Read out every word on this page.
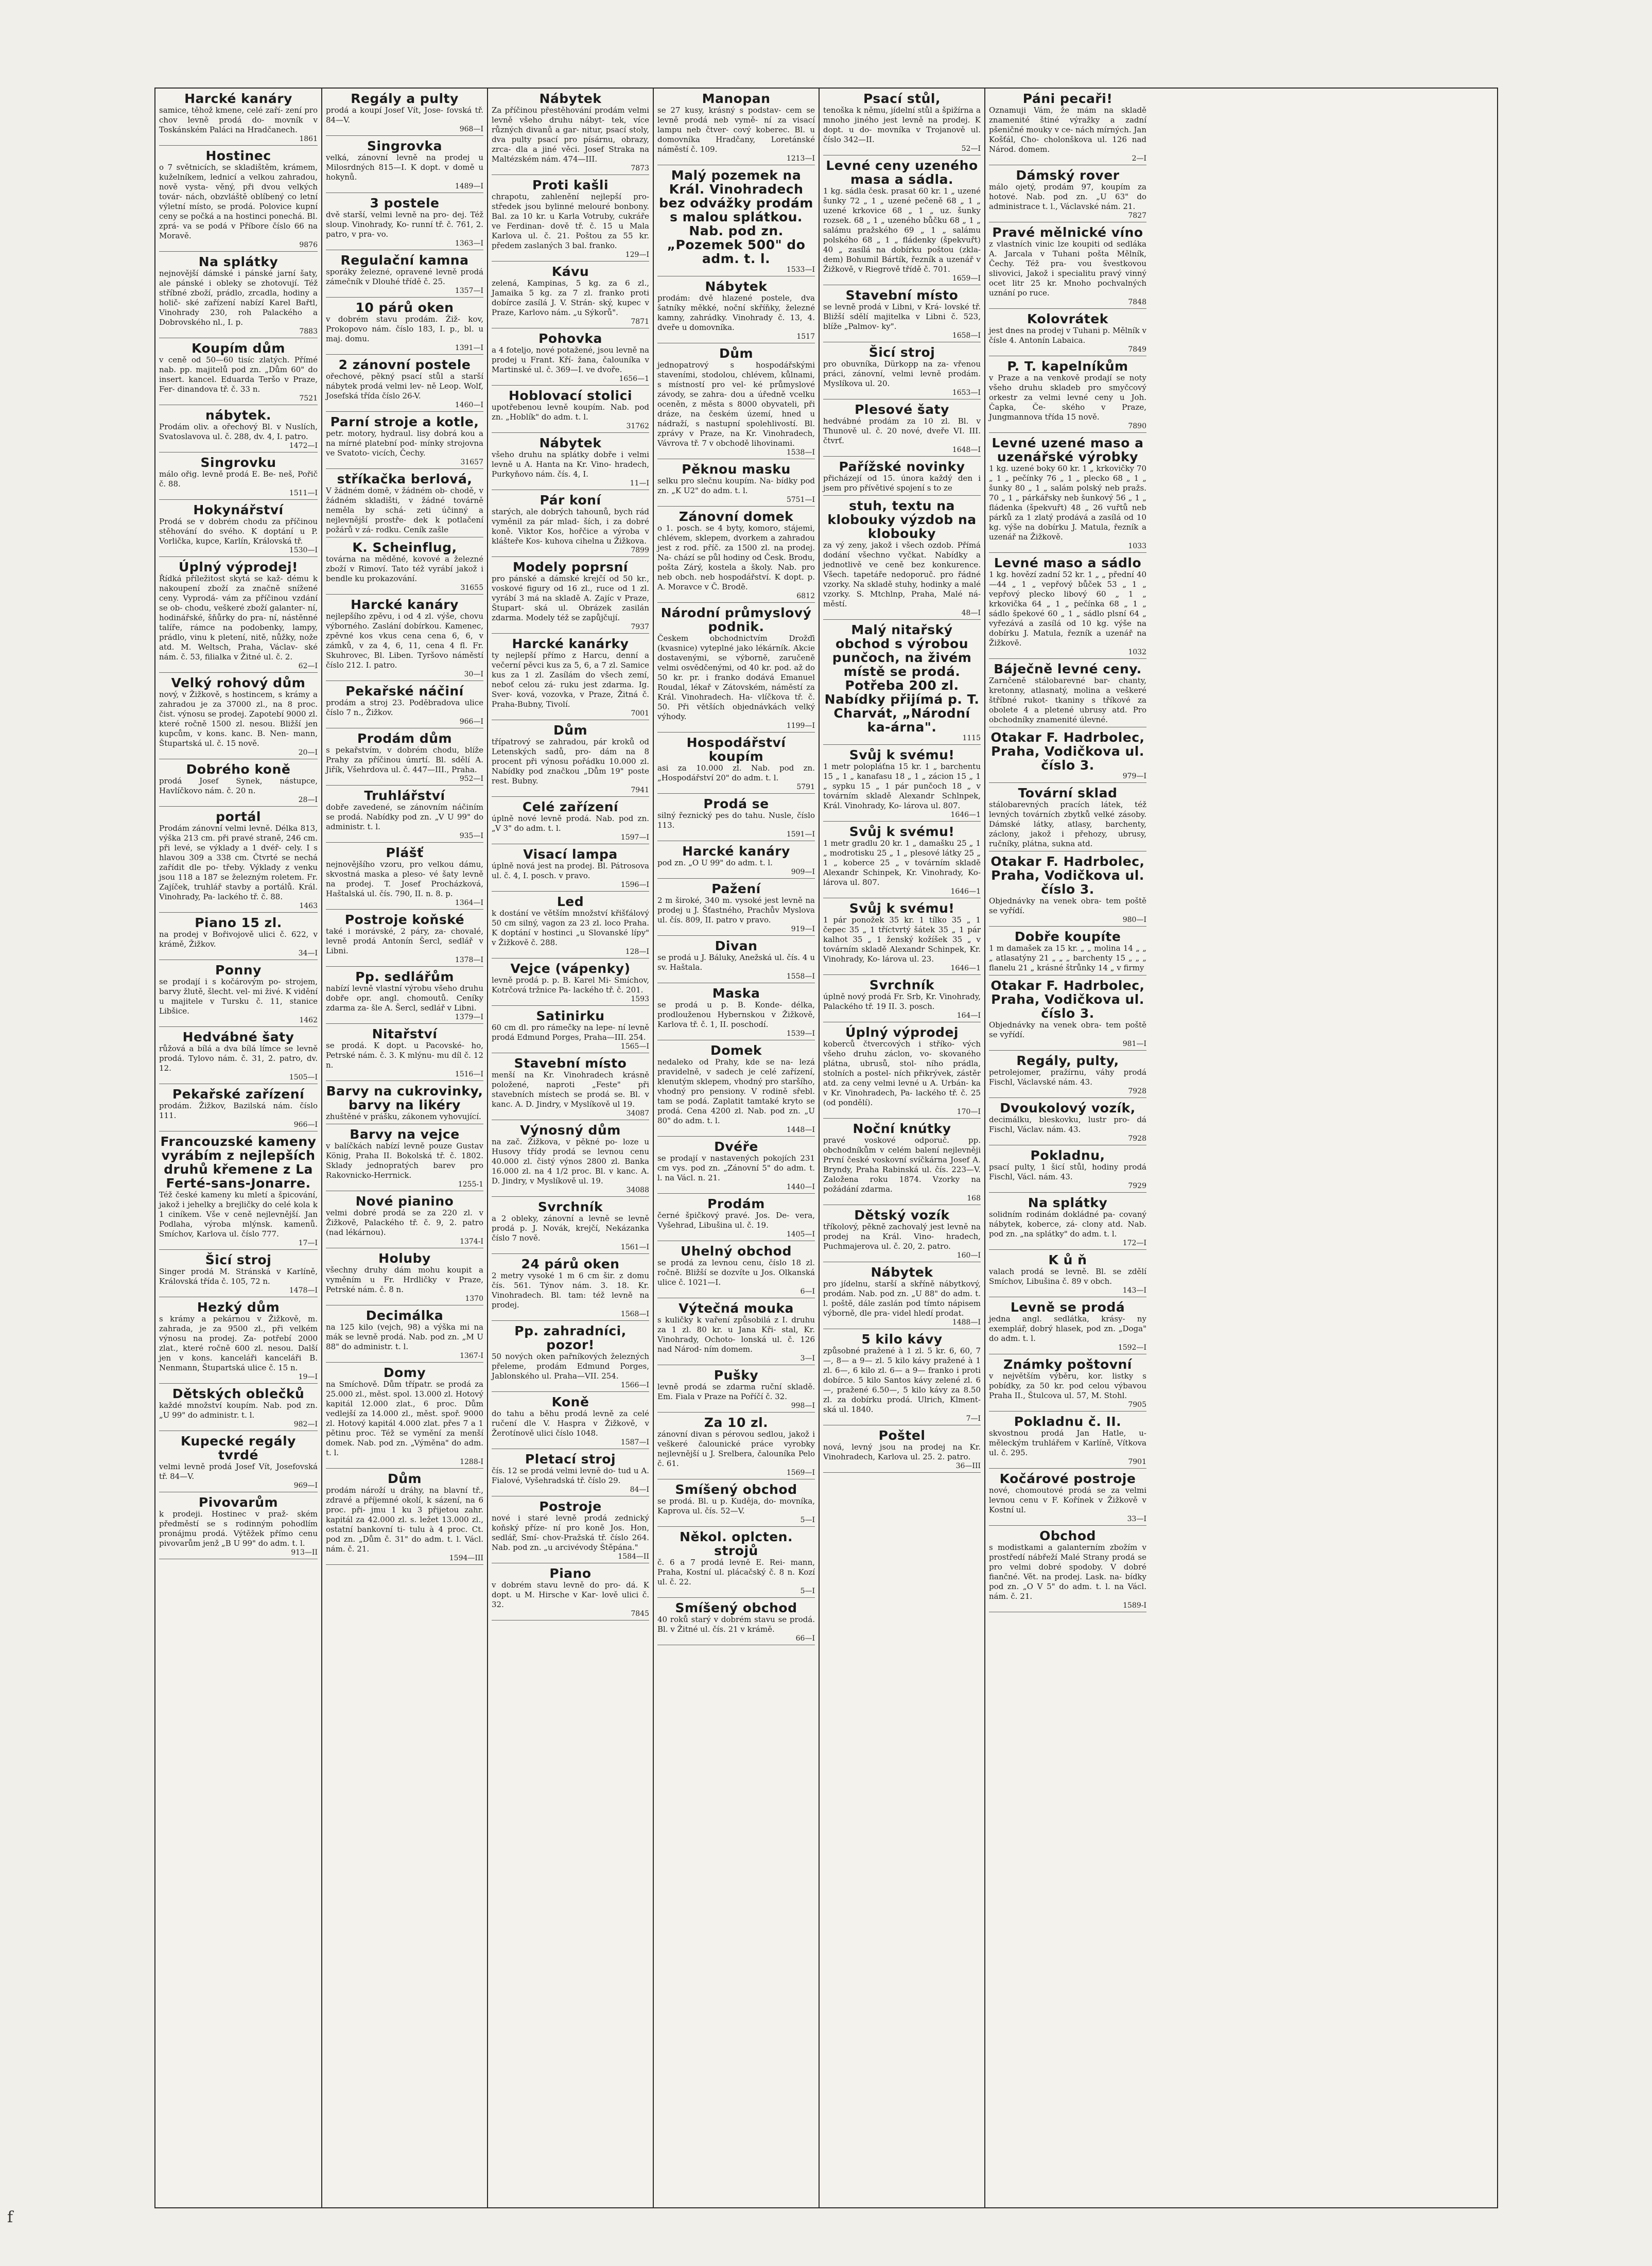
f
Harcké kanáry

samice, těhož kmene, celé zaří- zení pro chov levně prodá do- movník v Toskánském Paláci na Hradčanech.

1861
Hostinec

o 7 světnicích, se skladištěm, krámem, kuželníkem, lednicí a velkou zahradou, nově vysta- věný, při dvou velkých továr- nách, obzvláště oblíbený co letní výletní místo, se prodá. Polovice kupní ceny se počká a na hostinci ponechá. Bl. zprá- va se podá v Příbore číslo 66 na Moravě.

9876
Na splátky

nejnovější dámské i pánské jarní šaty, ale pánské i obleky se zhotovují. Též stříbné zboží, prádlo, zrcadla, hodiny a holič- ské zařízení nabízí Karel Bařtl, Vinohrady 230, roh Palackého a Dobrovského nl., I. p.

7883
Koupím dům

v ceně od 50—60 tisíc zlatých. Přímé nab. pp. majitelů pod zn. „Dům 60" do insert. kancel. Eduarda Teršo v Praze, Fer- dinandova tř. č. 33 n.

7521
nábytek.

Prodám oliv. a ořechový Bl. v Nuslích, Svatoslavova ul. č. 288, dv. 4, I. patro.

1472—I
Singrovku

málo ořig. levně prodá E. Be- neš, Pořič č. 88.

1511—I
Hokynářství

Prodá se v dobrém chodu za příčinou stěhování do svého. K doptání u P. Vorlička, kupce, Karlín, Královská tř.

1530—I
Úplný výprodej!

Řídká příležitost skytá se kaž- dému k nakoupení zboží za značně snížené ceny. Vyprodá- vám za příčinou vzdání se ob- chodu, veškeré zboží galanter- ní, hodinářské, šňůrky do pra- ní, nástěnné talíře, rámce na podobenky, lampy, prádlo, vinu k pletení, nitě, nůžky, nože atd. M. Weltsch, Praha, Václav- ské nám. č. 53, filialka v Žitné ul. č. 2.

62—I
Velký rohový dům

nový, v Žižkově, s hostincem, s krámy a zahradou je za 37000 zl., na 8 proc. čist. výnosu se prodej. Zapotebí 9000 zl. které ročně 1500 zl. nesou. Bližší jen kupcům, v kons. kanc. B. Nen- mann, Štupartská ul. č. 15 nově.

20—I
Dobrého koně

prodá Josef Synek, nástupce, Havlíčkovo nám. č. 20 n.

28—I
portál

Prodám zánovní velmi levně. Délka 813, výška 213 cm. při pravé straně, 246 cm. při levé, se výklady a 1 dvéř- cely. I s hlavou 309 a 338 cm. Čtvrté se nechá zařídit dle po- třeby. Výklady z venku jsou 118 a 187 se železným roletem. Fr. Zajíček, truhlář stavby a portálů. Král. Vinohrady, Pa- lackého tř. č. 88.

1463
Piano 15 zl.

na prodej v Bořivojově ulici č. 622, v krámě, Žižkov.

34—I
Ponny

se prodají i s kočárovým po- strojem, barvy žlutě, šlecht. vel- mi živé. K vidění u majitele v Tursku č. 11, stanice Libšice.

1462
Hedvábné šaty

růžová a bílá a dva bílá límce se levně prodá. Tylovo nám. č. 31, 2. patro, dv. 12.

1505—I
Pekařské zařízení

prodám. Žižkov, Bazilská nám. číslo 111.

966—I
Francouzské kameny vyrábím z nejlepších druhů křemene z La Ferté-sans-Jonarre.

Též české kameny ku mletí a špicování, jakož i jehelky a brejličky do celé kola k 1 ciníkem. Vše v ceně nejlevnější. Jan Podlaha, výroba mlýnsk. kamenů. Smíchov, Karlova ul. číslo 777.

17—I
Šicí stroj

Singer prodá M. Stránská v Karlíně, Královská třída č. 105, 72 n.

1478—I
Hezký dům

s krámy a pekárnou v Žižkově, m. zahrada, je za 9500 zl., při velkém výnosu na prodej. Za- potřebí 2000 zlat., které ročně 600 zl. nesou. Další jen v kons. kanceláři kanceláři B. Nenmann, Štupartská ulice č. 15 n.

19—I
Dětských oblečků

každé množství koupím. Nab. pod zn. „U 99" do administr. t. l.

982—I
Kupecké regály tvrdé

velmi levně prodá Josef Vít, Josefovská tř. 84—V.

969—I
Pivovarům

k prodeji. Hostinec v praž- ském předměstí se s rodinným pohodlím pronájmu prodá. Výtěžek přímo cenu pivovarům jenž „B U 99" do adm. t. l.

913—II
Regály a pulty

prodá a koupí Josef Vít, Jose- fovská tř. 84—V.

968—I
Singrovka

velká, zánovní levně na prodej u Milosrdných 815—I. K dopt. v domě u hokynů.

1489—I
3 postele

dvě starší, velmi levně na pro- dej. Též sloup. Vinohrady, Ko- runní tř. č. 761, 2. patro, v pra- vo.

1363—I
Regulační kamna

sporáky železné, opravené levně prodá zámečník v Dlouhé třídě č. 25.

1357—I
10 párů oken

v dobrém stavu prodám. Žiž- kov, Prokopovo nám. číslo 183, I. p., bl. u maj. domu.

1391—I
2 zánovní postele

ořechové, pěkný psací stůl a starší nábytek prodá velmi lev- ně Leop. Wolf, Josefská třída číslo 26-V.

1460—I
Parní stroje a kotle,

petr. motory, hydraul. lisy dobrá kou a na mírné platební pod- mínky strojovna ve Svatoto- vicích, Čechy.

31657
stříkačka berlová,

V žádném domě, v žádném ob- chodě, v žádném skladišti, v žádné továrně neměla by schá- zeti účinný a nejlevnější prostře- dek k potlačení požárů v zá- rodku. Ceník zašle

K. Scheinflug,

továrna na měděné, kovové a železné zboží v Rimoví. Tato též vyrábí jakož i bendle ku prokazování.

31655
Harcké kanáry

nejlepšího zpěvu, i od 4 zl. výše, chovu výborného. Zaslání dobírkou. Kamenec, zpěvné kos vkus cena cena 6, 6, v zámků, v za 4, 6, 11, cena 4 fl. Fr. Skuhrovec, Bl. Liben. Tyršovo náměstí číslo 212. I. patro.

30—I
Pekařské náčiní

prodám a stroj 23. Poděbradova ulice číslo 7 n., Žižkov.

966—I
Prodám dům

s pekařstvím, v dobrém chodu, blíže Prahy za příčinou úmrtí. Bl. sdělí A. Jiřík, Všehrdova ul. č. 447—III., Praha.

952—I
Truhlářství

dobře zavedené, se zánovním náčiním se prodá. Nabídky pod zn. „V U 99" do administr. t. l.

935—I
Plášť

nejnovějšího vzoru, pro velkou dámu, skvostná maska a pleso- vé šaty levně na prodej. T. Josef Procházková, Haštalská ul. čís. 790, II. n. 8. p.

1364—I
Postroje koňské

také i morávské, 2 páry, za- chovalé, levně prodá Antonín Šercl, sedlář v Libni.

1378—I
Pp. sedlářům

nabízí levně vlastní výrobu všeho druhu dobře opr. angl. chomoutů. Ceníky zdarma za- šle A. Šercl, sedlář v Libni.

1379—I
Nitařství

se prodá. K dopt. u Pacovské- ho, Petrské nám. č. 3. K mlýnu- mu díl č. 12 n.

1516—I
Barvy na cukrovinky, barvy na likéry

zhuštěné v prášku, zákonem vyhovující.

Barvy na vejce

v balíčkách nabízí levně pouze Gustav König, Praha II. Bokolská tř. č. 1802. Sklady jednopratých barev pro Rakovnicko-Herrnick.

1255-1
Nové pianino

velmi dobré prodá se za 220 zl. v Žižkově, Palackého tř. č. 9, 2. patro (nad lékárnou).

1374-I
Holuby

všechny druhy dám mohu koupit a vyměním u Fr. Hrdličky v Praze, Petrské nám. č. 8 n.

1370
Decimálka

na 125 kilo (vejch, 98) a výška mi na mák se levně prodá. Nab. pod zn. „M U 88" do administr. t. l.

1367-I
Domy

na Smíchově. Dům třípatr. se prodá za 25.000 zl., měst. spol. 13.000 zl. Hotový kapitál 12.000 zlat., 6 proc. Dům vedlejší za 14.000 zl., měst. spoř. 9000 zl. Hotový kapitál 4.000 zlat. přes 7 a 1 pětinu proc. Též se vymění za menší domek. Nab. pod zn. „Výměna" do adm. t. l.

1288-I
Dům

prodám nároží u dráhy, na blavní tř., zdravé a příjemné okolí, k sázení, na 6 proc. při- jmu 1 ku 3 přijetou zahr. kapitál za 42.000 zl. s. ležet 13.000 zl., ostatní bankovní ti- tulu à 4 proc. Ct. pod zn. „Dům č. 31" do adm. t. l. Václ. nám. č. 21.

1594—III
Nábytek

Za příčinou přestěhování prodám velmi levně všeho druhu nábyt- tek, více různých divanů a gar- nitur, psací stoly, dva pulty psací pro písárnu, obrazy, zrca- dla a jiné věci. Josef Straka na Maltézském nám. 474—III.

7873
Proti kašli

chrapotu, zahlenění nejlepší pro- středek jsou bylinné melouré bonbony. Bal. za 10 kr. u Karla Votruby, cukráře ve Ferdinan- dově tř. č. 15 u Mala Karlova ul. č. 21. Poštou za 55 kr. předem zaslaných 3 bal. franko.

129—I
Kávu

zelená, Kampinas, 5 kg. za 6 zl., Jamaika 5 kg. za 7 zl. franko proti dobírce zasílá J. V. Strán- ský, kupec v Praze, Karlovo nám. „u Sýkorů".

7871
Pohovka

a 4 foteljo, nové potažené, jsou levně na prodej u Frant. Kří- žana, čalouníka v Martinské ul. č. 369—I. ve dvoře.

1656—1
Hoblovací stolici

upotřebenou levně koupím. Nab. pod zn. „Hoblík" do adm. t. l.

31762
Nábytek

všeho druhu na splátky dobře i velmi levně u A. Hanta na Kr. Vino- hradech, Purkyňovo nám. čís. 4, I.

11—I
Pár koní

starých, ale dobrých tahounů, bych rád vyměnil za pár mlad- ších, i za dobré koně. Viktor Kos, hořčice a výroba v klášteře Kos- kuhova cihelna u Žižkova.

7899
Modely poprsní

pro pánské a dámské krejčí od 50 kr., voskové figury od 16 zl., ruce od 1 zl. vyrábí 3 má na skladě A. Zajíc v Praze, Štupart- ská ul. Obrázek zasilán zdarma. Modely též se zapůjčují.

7937
Harcké kanárky

ty nejlepší přímo z Harcu, denní a večerní pěvci kus za 5, 6, a 7 zl. Samice kus za 1 zl. Zasílám do všech zemí, neboť celou zá- ruku jest zdarma. Ig. Sver- ková, vozovka, v Praze, Žitná č. Praha-Bubny, Tivolí.

7001
Dům

třípatrový se zahradou, pár kroků od Letenských sadů, pro- dám na 8 procent při výnosu pořádku 10.000 zl. Nabídky pod značkou „Dům 19" poste rest. Bubny.

7941
Celé zařízení

úplně nové levně prodá. Nab. pod zn. „V 3" do adm. t. l.

1597—I
Visací lampa

úplně nová jest na prodej. Bl. Pátrosova ul. č. 4, I. posch. v pravo.

1596—I
Led

k dostání ve větším množství křišťálový 50 cm silný, vagon za 23 zl. loco Praha. K doptání v hostinci „u Slovanské lípy" v Žižkově č. 288.

128—I
Vejce (vápenky)

levně prodá p. p. B. Karel Mi- Smíchov, Kotrčová tržnice Pa- lackého tř. č. 201.

1593
Satinirku

60 cm dl. pro rámečky na lepe- ní levně prodá Edmund Porges, Praha—III. 254.

1565—I
Stavební místo

menší na Kr. Vinohradech krásně položené, naproti „Feste" při stavebních místech se prodá se. Bl. v kanc. A. D. Jindry, v Myslíkově ul 19.

34087
Výnosný dům

na zač. Žižkova, v pěkné po- loze u Husovy třídy prodá se levnou cenu 40.000 zl. čistý výnos 2800 zl. Banka 16.000 zl. na 4 1/2 proc. Bl. v kanc. A. D. Jindry, v Myslíkově ul. 19.

34088
Svrchník

a 2 obleky, zánovní a levně se levně prodá p. J. Novák, krejčí, Nekázanka číslo 7 nově.

1561—I
24 párů oken

2 metry vysoké 1 m 6 cm šir. z domu čís. 561. Týnov nám. 3. 18. Kr. Vinohradech. Bl. tam: též levně na prodej.

1568—I
Pp. zahradníci, pozor!

50 nových oken pařníkových železných přeleme, prodám Edmund Porges, Jablonského ul. Praha—VII. 254.

1566—I
Koně

do tahu a běhu prodá levně za celé ručení dle V. Haspra v Žižkově, v Žerotínově ulici číslo 1048.

1587—I
Pletací stroj

čís. 12 se prodá velmi levně do- tud u A. Fialové, Vyšehradská tř. číslo 29.

84—I
Postroje

nové i staré levně prodá zednický koňský příze- ní pro koně Jos. Hon, sedlář, Smí- chov-Pražská tř. číslo 264. Nab. pod zn. „u arcivévody Štěpána."

1584—II
Piano

v dobrém stavu levně do pro- dá. K dopt. u M. Hirsche v Kar- lově ulici č. 32.

7845
Manopan

se 27 kusy, krásný s podstav- cem se levně prodá neb vymě- ní za visací lampu neb čtver- cový koberec. Bl. u domovníka Hradčany, Loretánské náměstí č. 109.

1213—I
Malý pozemek na Král. Vinohradech bez odvážky prodám s malou splátkou. Nab. pod zn. „Pozemek 500" do adm. t. l.
1533—I
Nábytek

prodám: dvě hlazené postele, dva šatníky měkké, noční skříňky, železné kamny, zahrádky. Vinohrady č. 13, 4. dveře u domovníka.

1517
Dům

jednopatrový s hospodářskými staveními, stodolou, chlévem, kůlnami, s místností pro vel- ké průmyslové závody, se zahra- dou a úředně vcelku oceněn, z města s 8000 obyvateli, při dráze, na českém území, hned u nádraží, s nastupní spolehlivostí. Bl. zprávy v Praze, na Kr. Vinohradech, Vávrova tř. 7 v obchodě lihovinami.

1538—I
Pěknou masku

selku pro slečnu koupím. Na- bídky pod zn. „K U2" do adm. t. l.

5751—I
Zánovní domek

o 1. posch. se 4 byty, komoro, stájemi, chlévem, sklepem, dvorkem a zahradou jest z rod. příč. za 1500 zl. na prodej. Na- chází se půl hodiny od Česk. Brodu, pošta Zárý, kostela a školy. Nab. pro neb obch. neb hospodářství. K dopt. p. A. Moravce v Č. Brodě.

6812
Národní průmyslový podnik.

Českem obchodnictvím Drožďi (kvasnice) vyteplné jako lékárník. Akcie dostavenými, se výborně, zaručeně velmi osvědčenými, od 40 kr. pod. až do 50 kr. pr. i franko dodává Emanuel Roudal, lékař v Zátovském, náměstí za Král. Vinohradech. Ha- vlíčkova tř. č. 50. Při větších objednávkách velký výhody.

1199—I
Hospodářství koupím

asi za 10.000 zl. Nab. pod zn. „Hospodářství 20" do adm. t. l.

5791
Prodá se

silný řeznický pes do tahu. Nusle, číslo 113.

1591—I
Harcké kanáry

pod zn. „O U 99" do adm. t. l.

909—I
Pažení

2 m široké, 340 m. vysoké jest levně na prodej u J. Šťastného, Prachův Myslova ul. čís. 809, II. patro v pravo.

919—I
Divan

se prodá u J. Báluky, Anežská ul. čís. 4 u sv. Haštala.

1558—I
Maska

se prodá u p. B. Konde- délka, prodlouženou Hybernskou v Žižkově, Karlova tř. č. 1, II. poschodí.

1539—I
Domek

nedaleko od Prahy, kde se na- lezá pravidelně, v sadech je celé zařízení, klenutým sklepem, vhodný pro staršího, vhodný pro pensiony. V rodině sřebl. tam se podá. Zaplatit tamtaké kryto se prodá. Cena 4200 zl. Nab. pod zn. „U 80" do adm. t. l.

1448—I
Dvéře

se prodají v nastavených pokojích 231 cm vys. pod zn. „Zánovní 5" do adm. t. l. na Václ. n. 21.

1440—I
Prodám

černé špičkový pravé. Jos. De- vera, Vyšehrad, Libušina ul. č. 19.

1405—I
Uhelný obchod

se prodá za levnou cenu, číslo 18 zl. ročně. Bližší se dozvíte u Jos. Olkanská ulice č. 1021—I.

6—I
Výtečná mouka

s kuličky k vaření způsobilá z I. druhu za 1 zl. 80 kr. u Jana Kři- stal, Kr. Vinohrady, Ochoto- lonská ul. č. 126 nad Národ- ním domem.

3—I
Pušky

levně prodá se zdarma ruční skladě. Em. Fiala v Praze na Poříčí č. 32.

998—I
Za 10 zl.

zánovní divan s pérovou sedlou, jakož i veškeré čalounické práce vyrobky nejlevnější u J. Srelbera, čalouníka Pelo č. 61.

1569—I
Smíšený obchod

se prodá. Bl. u p. Kuděja, do- movníka, Kaprova ul. čís. 52—V.

5—I
Někol. oplcten. strojů

č. 6 a 7 prodá levně E. Rei- mann, Praha, Kostní ul. plácačský č. 8 n. Kozí ul. č. 22.

5—I
Smíšený obchod

40 roků starý v dobrém stavu se prodá. Bl. v Žitné ul. čís. 21 v krámě.

66—I
Psací stůl,

tenoška k němu, jídelní stůl a špižírna a mnoho jiného jest levně na prodej. K dopt. u do- movníka v Trojanově ul. číslo 342—II.

52—I
Levné ceny uzeného masa a sádla.

1 kg. sádla česk. prasat 60 kr. 1 „ uzené šunky 72 „ 1 „ uzené pečeně 68 „ 1 „ uzené krkovice 68 „ 1 „ uz. šunky rozsek. 68 „ 1 „ uzeného bůčku 68 „ 1 „ salámu pražského 69 „ 1 „ salámu polského 68 „ 1 „ fládenky (špekvuřt) 40 „ zasílá na dobírku poštou (zkla- dem) Bohumil Bártík, řezník a uzenář v Žižkově, v Riegrově třídě č. 701.

1659—I
Stavební místo

se levně prodá v Libni, v Krá- lovské tř. Bližší sdělí majitelka v Libni č. 523, blíže „Palmov- ky".

1658—I
Šicí stroj

pro obuvníka, Dürkopp na za- vřenou práci, zánovní, velmi levně prodám. Myslíkova ul. 20.

1653—I
Plesové šaty

hedvábné prodám za 10 zl. Bl. v Thunově ul. č. 20 nové, dveře VI. III. čtvrť.

1648—I
Pařížské novinky

přicházejí od 15. února každý den i jsem pro přívětivé spojení s to ze

stuh, textu na klobouky výzdob na klobouky

za vý zeny, jakož i všech ozdob. Přímá dodání všechno vyčkat. Nabídky a jednotlivě ve ceně bez konkurence. Všech. tapetáře nedoporuč. pro řádné vzorky. Na skladě stuhy, hodinky a malé vzorky. S. Mtchlnp, Praha, Malé ná- městí.

48—I
Malý nitařský obchod s výrobou punčoch, na živém místě se prodá. Potřeba 200 zl. Nabídky přijímá p. T. Charvát, „Národní ka-árna".
1115
Svůj k svému!

1 metr polopláťna 15 kr. 1 „ barchentu 15 „ 1 „ kanafasu 18 „ 1 „ zácion 15 „ 1 „ sypku 15 „ 1 pár punčoch 18 „ v továrním skladě Alexandr Schlnpek, Král. Vinohrady, Ko- lárova ul. 807.

1646—1
Svůj k svému!

1 metr gradlu 20 kr. 1 „ damašku 25 „ 1 „ modrotisku 25 „ 1 „ plesové látky 25 „ 1 „ koberce 25 „ v továrním skladě Alexandr Schinpek, Kr. Vinohrady, Ko- lárova ul. 807.

1646—1
Svůj k svému!

1 pár ponožek 35 kr. 1 tílko 35 „ 1 čepec 35 „ 1 tříctvrtý šátek 35 „ 1 pár kalhot 35 „ 1 ženský kožíšek 35 „ v továrním skladě Alexandr Schinpek, Kr. Vinohrady, Ko- lárova ul. 23.

1646—1
Svrchník

úplně nový prodá Fr. Srb, Kr. Vinohrady, Palackého tř. 19 II. 3. posch.

164—I
Úplný výprodej

koberců čtvercových i stříko- vých všeho druhu záclon, vo- skovaného plátna, ubrusů, stol- ního prádla, stolních a postel- ních přikrývek, zástěr atd. za ceny velmi levné u A. Urbán- ka v Kr. Vinohradech, Pa- lackého tř. č. 25 (od pondělí).

170—I
Noční knútky

pravé voskové odporuč. pp. obchodníkům v celém balení nejlevněji První české voskovní svíčkárna Josef A. Bryndy, Praha Rabinská ul. čís. 223—V. Založena roku 1874. Vzorky na požádání zdarma.

168
Dětský vozík

tříkolový, pěkně zachovalý jest levně na prodej na Král. Vino- hradech, Puchmajerova ul. č. 20, 2. patro.

160—I
Nábytek

pro jídelnu, starší a skříně nábytkový, prodám. Nab. pod zn. „U 88" do adm. t. l. poště, dále zaslán pod tímto nápisem výborně, dle pra- videl hledí prodat.

1488—I
5 kilo kávy

způsobné pražené à 1 zl. 5 kr. 6, 60, 7—, 8— a 9— zl. 5 kilo kávy pražené à 1 zl. 6—, 6 kilo zl. 6— a 9— franko i proti dobírce. 5 kilo Santos kávy zelené zl. 6—, pražené 6.50—, 5 kilo kávy za 8.50 zl. za dobírku prodá. Ulrich, Klment- ská ul. 1840.

7—I
Poštel

nová, levný jsou na prodej na Kr. Vinohradech, Karlova ul. 25. 2. patro.

36—III
Páni pecaři!

Oznamuji Vám, že mám na skladě znamenité štiné výražky a zadní pšeničné mouky v ce- nách mírných. Jan Košťál, Cho- cholonškova ul. 126 nad Národ. domem.

2—I
Dámský rover

málo ojetý, prodám 97, koupím za hotové. Nab. pod zn. „U 63" do administrace t. l., Václavské nám. 21.

7827
Pravé mělnické víno

z vlastních vinic lze koupiti od sedláka A. Jarcala v Tuhani pošta Mělník, Čechy. Též pra- vou švestkovou slivovici, Jakož i specialitu pravý vinný ocet litr 25 kr. Mnoho pochvalných uznání po ruce.

7848
Kolovrátek

jest dnes na prodej v Tuhani p. Mělník v čísle 4. Antonín Labaica.

7849
P. T. kapelníkům

v Praze a na venkově prodají se noty všeho druhu skladeb pro smyčcový orkestr za velmi levné ceny u Joh. Čapka, Če- ského v Praze, Jungmannova třída 15 nově.

7890
Levné uzené maso a uzenářské výrobky

1 kg. uzené boky 60 kr. 1 „ krkovičky 70 „ 1 „ pečínky 76 „ 1 „ plecko 68 „ 1 „ šunky 80 „ 1 „ salám polský neb pražs. 70 „ 1 „ párkářsky neb šunkový 56 „ 1 „ fládenka (špekvuřt) 48 „ 26 vuřtů neb párků za 1 zlatý prodává a zasílá od 10 kg. výše na dobírku J. Matula, řezník a uzenář na Žižkově.

1033
Levné maso a sádlo

1 kg. hovězí zadní 52 kr. 1 „ „ přední 40—44 „ 1 „ vepřový bůček 53 „ 1 „ vepřový plecko libový 60 „ 1 „ krkovička 64 „ 1 „ pečínka 68 „ 1 „ sádlo špekové 60 „ 1 „ sádlo plsní 64 „ vyřezává a zasílá od 10 kg. výše na dobírku J. Matula, řezník a uzenář na Žižkově.

1032
Báječně levné ceny.

Zarnčeně stálobarevné bar- chanty, kretonny, atlasnatý, molina a veškeré štříbné rukot- tkaniny s tříkové za obolete 4 a pletené ubrusy atd. Pro obchodníky znamenité úlevné.

Otakar F. Hadrbolec, Praha, Vodičkova ul. číslo 3.
979—I
Tovární sklad

stálobarevných pracích látek, též levných továrních zbytků velké zásoby. Dámské látky, atlasy, barchenty, záclony, jakož i přehozy, ubrusy, ručníky, plátna, sukna atd.

Otakar F. Hadrbolec, Praha, Vodičkova ul. číslo 3.

Objednávky na venek obra- tem poště se vyřídí.

980—I
Dobře koupíte

1 m damašek za 15 kr. „ „ molina 14 „ „ „ atlasatýny 21 „ „ „ barchenty 15 „ „ „ flanelu 21 „ krásné štrůnky 14 „ v firmy

Otakar F. Hadrbolec, Praha, Vodičkova ul. číslo 3.

Objednávky na venek obra- tem poště se vyřídí.

981—I
Regály, pulty,

petrolejomer, pražírnu, váhy prodá Fischl, Václavské nám. 43.

7928
Dvoukolový vozík,

decimálku, bleskovku, lustr pro- dá Fischl, Václav. nám. 43.

7928
Pokladnu,

psací pulty, 1 šicí stůl, hodiny prodá Fischl, Václ. nám. 43.

7929
Na splátky

solidním rodinám dokládné pa- covaný nábytek, koberce, zá- clony atd. Nab. pod zn. „na splátky" do adm. t. l.

172—I
K ů ň

valach prodá se levně. Bl. se zdělí Smíchov, Libušina č. 89 v obch.

143—I
Levně se prodá

jedna angl. sedlátka, krásy- ny exemplář, dobrý hlasek, pod zn. „Doga" do adm. t. l.

1592—I
Známky poštovní

v největším výběru, kor. listky s pobídky, za 50 kr. pod celou výbavou Praha II., Štulcova ul. 57, M. Stohl.

7905
Pokladnu č. II.

skvostnou prodá Jan Hatle, u- měleckým truhlářem v Karlíně, Vítkova ul. č. 295.

7901
Kočárové postroje

nové, chomoutové prodá se za velmi levnou cenu v F. Kořínek v Žižkově v Kostní ul.

33—I
Obchod

s modistkami a galanterním zbožím v prostředí nábřeží Malé Strany prodá se pro velmi dobré spodoby. V dobré fiančné. Vět. na prodej. Lask. na- bídky pod zn. „O V 5" do adm. t. l. na Václ. nám. č. 21.

1589-I
